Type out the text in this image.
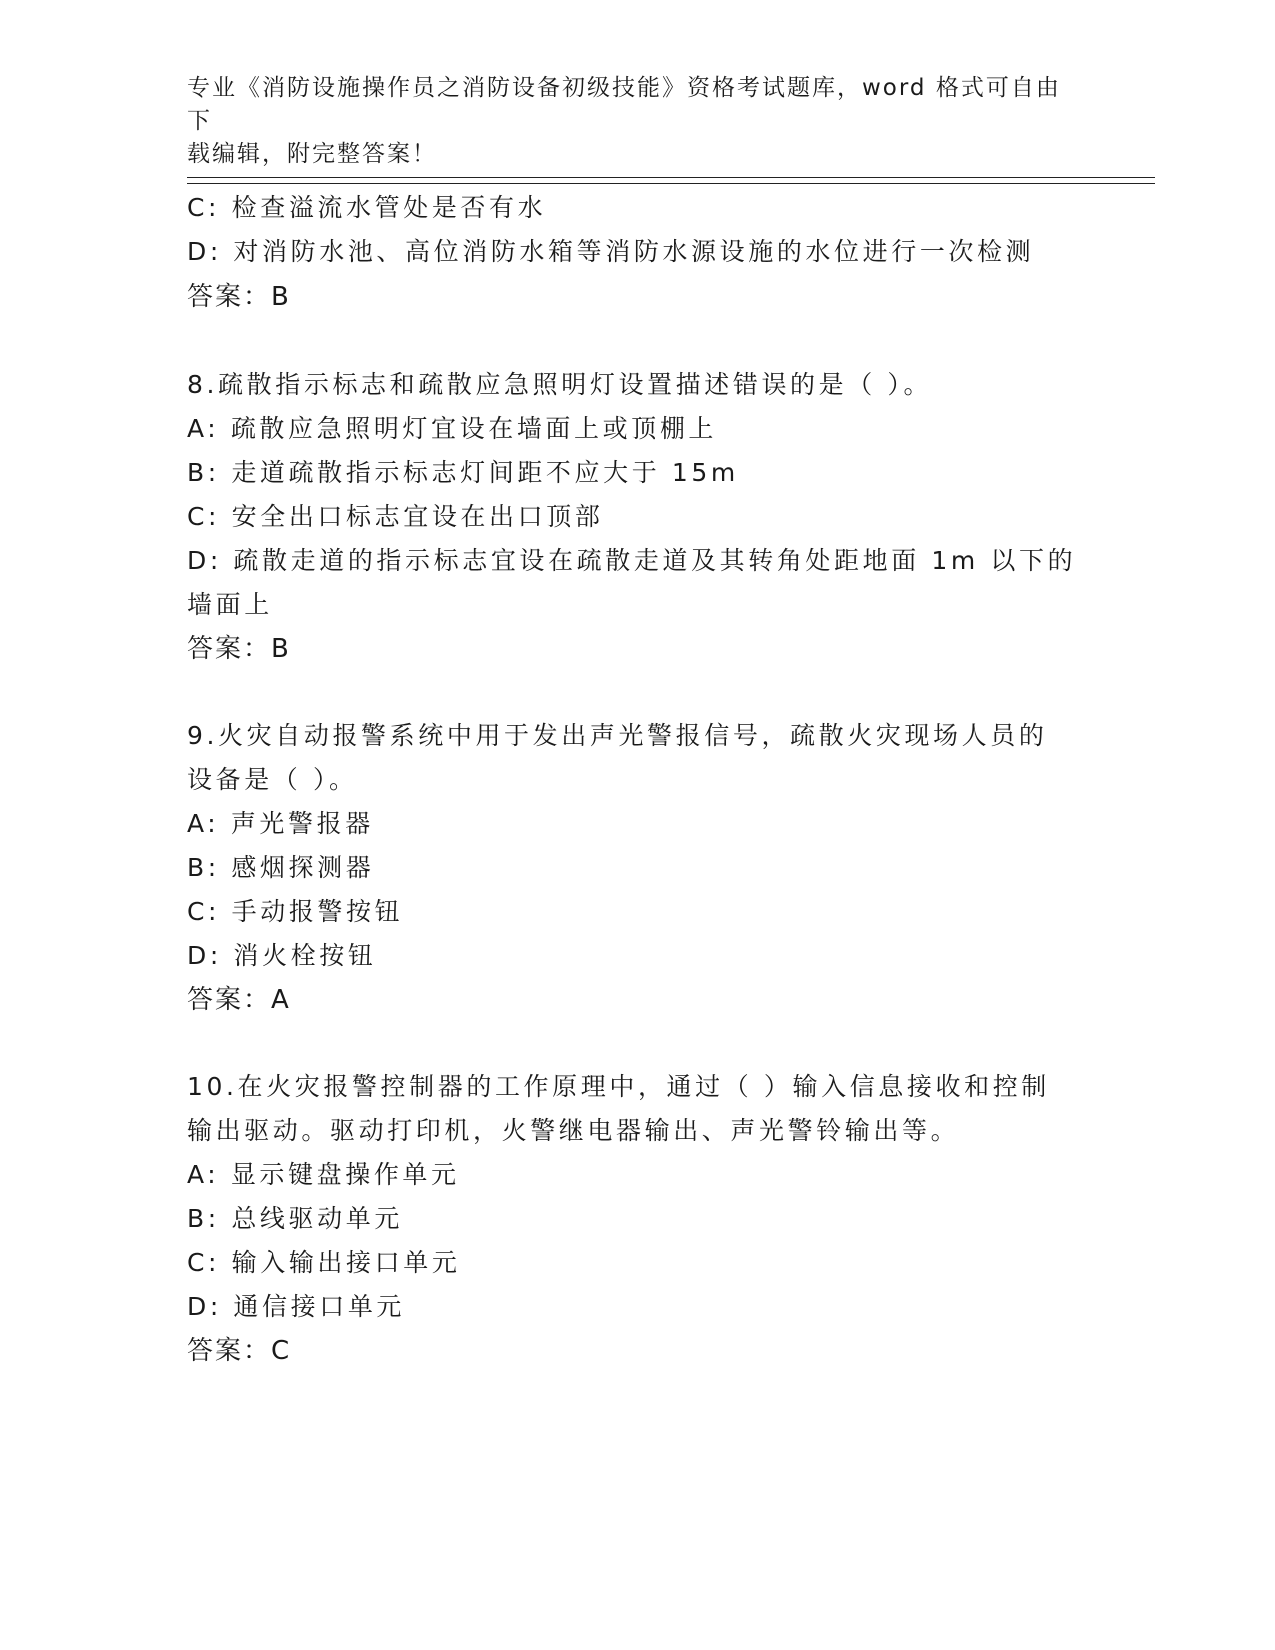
专业《消防设施操作员之消防设备初级技能》资格考试题库，word 格式可自由下
载编辑，附完整答案！
C: 检查溢流水管处是否有水
D: 对消防水池、高位消防水箱等消防水源设施的水位进行一次检测
答案：B
8.疏散指示标志和疏散应急照明灯设置描述错误的是（ ）。
A: 疏散应急照明灯宜设在墙面上或顶棚上
B: 走道疏散指示标志灯间距不应大于 15m
C: 安全出口标志宜设在出口顶部
D: 疏散走道的指示标志宜设在疏散走道及其转角处距地面 1m 以下的
墙面上
答案：B
9.火灾自动报警系统中用于发出声光警报信号，疏散火灾现场人员的
设备是（ ）。
A: 声光警报器
B: 感烟探测器
C: 手动报警按钮
D: 消火栓按钮
答案：A
10.在火灾报警控制器的工作原理中，通过（ ）输入信息接收和控制
输出驱动。驱动打印机，火警继电器输出、声光警铃输出等。
A: 显示键盘操作单元
B: 总线驱动单元
C: 输入输出接口单元
D: 通信接口单元
答案：C
